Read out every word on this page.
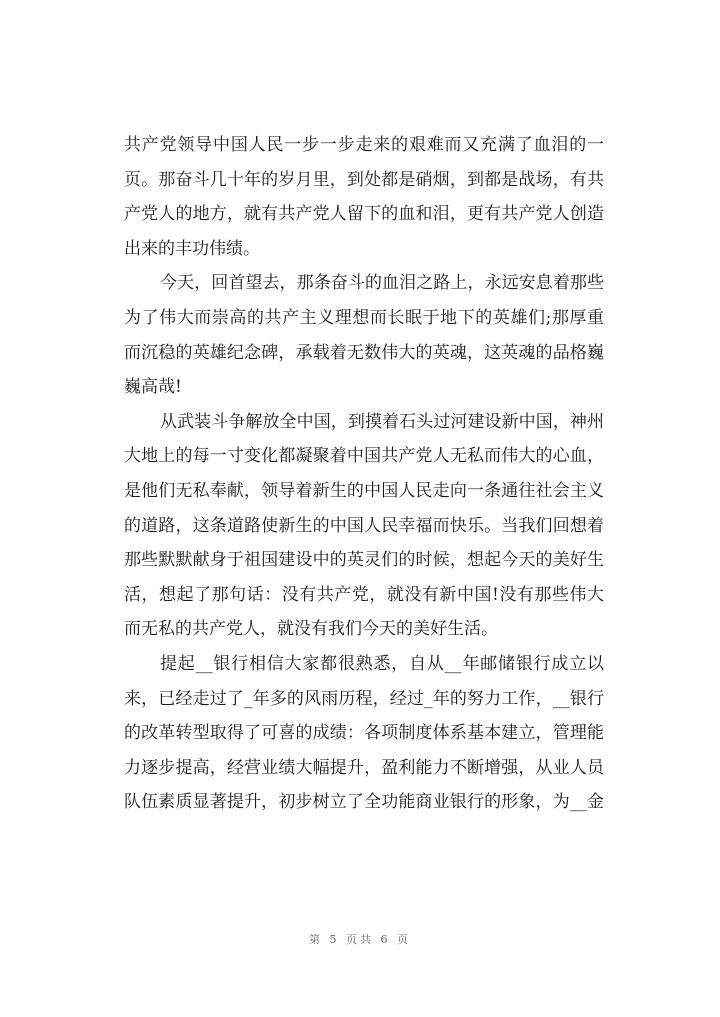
共产党领导中国人民一步一步走来的艰难而又充满了血泪的一
页。那奋斗几十年的岁月里，到处都是硝烟，到都是战场，有共
产党人的地方，就有共产党人留下的血和泪，更有共产党人创造
出来的丰功伟绩。
今天，回首望去，那条奋斗的血泪之路上，永远安息着那些
为了伟大而崇高的共产主义理想而长眠于地下的英雄们;那厚重
而沉稳的英雄纪念碑，承载着无数伟大的英魂，这英魂的品格巍
巍高哉!
从武装斗争解放全中国，到摸着石头过河建设新中国，神州
大地上的每一寸变化都凝聚着中国共产党人无私而伟大的心血，
是他们无私奉献，领导着新生的中国人民走向一条通往社会主义
的道路，这条道路使新生的中国人民幸福而快乐。当我们回想着
那些默默献身于祖国建设中的英灵们的时候，想起今天的美好生
活，想起了那句话：没有共产党，就没有新中国!没有那些伟大
而无私的共产党人，就没有我们今天的美好生活。
提起__银行相信大家都很熟悉，自从__年邮储银行成立以
来，已经走过了_年多的风雨历程，经过_年的努力工作，__银行
的改革转型取得了可喜的成绩：各项制度体系基本建立，管理能
力逐步提高，经营业绩大幅提升，盈利能力不断增强，从业人员
队伍素质显著提升，初步树立了全功能商业银行的形象，为__金
第 5 页共 6 页
